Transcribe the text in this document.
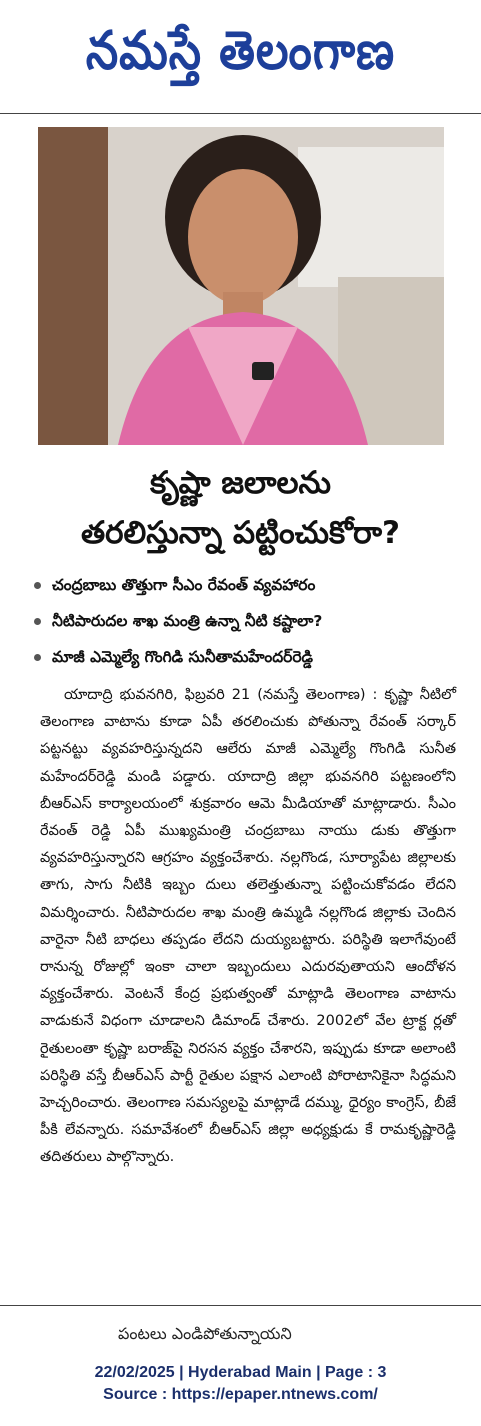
నమస్తే తెలంగాణ
కృష్ణా జలాలను
తరలిస్తున్నా పట్టించుకోరా?
చంద్రబాబు తొత్తుగా సీఎం రేవంత్ వ్యవహారం
నీటిపారుదల శాఖ మంత్రి ఉన్నా నీటి కష్టాలా?
మాజీ ఎమ్మెల్యే గొంగిడి సునీతామహేందర్‌రెడ్డి

యాదాద్రి భువనగిరి, ఫిబ్రవరి 21 (నమస్తే తెలంగాణ) : కృష్ణా నీటిలో తెలంగాణ వాటాను కూడా ఏపీ తరలించుకు పోతున్నా రేవంత్ సర్కార్ పట్టనట్టు వ్యవహరిస్తున్నదని ఆలేరు మాజీ ఎమ్మెల్యే గొంగిడి సునీత మహేందర్‌రెడ్డి మండి పడ్డారు. యాదాద్రి జిల్లా భువనగిరి పట్టణంలోని బీఆర్‌ఎస్ కార్యాలయంలో శుక్రవారం ఆమె మీడియాతో మాట్లాడారు. సీఎం రేవంత్ రెడ్డి ఏపీ ముఖ్యమంత్రి చంద్రబాబు నాయు డుకు తొత్తుగా వ్యవహరిస్తున్నారని ఆగ్రహం వ్యక్తంచేశారు. నల్లగొండ, సూర్యాపేట జిల్లాలకు తాగు, సాగు నీటికి ఇబ్బం దులు తలెత్తుతున్నా పట్టించుకోవడం లేదని విమర్శించారు. నీటిపారుదల శాఖ మంత్రి ఉమ్మడి నల్లగొండ జిల్లాకు చెందిన వారైనా నీటి బాధలు తప్పడం లేదని దుయ్యబట్టారు. పరిస్థితి ఇలాగేవుంటే రానున్న రోజుల్లో ఇంకా చాలా ఇబ్బందులు ఎదురవుతాయని ఆందోళన వ్యక్తంచేశారు. వెంటనే కేంద్ర ప్రభుత్వంతో మాట్లాడి తెలంగాణ వాటాను వాడుకునే విధంగా చూడాలని డిమాండ్ చేశారు. 2002లో వేల ట్రాక్ట ర్లతో రైతులంతా కృష్ణా బరాజ్‌పై నిరసన వ్యక్తం చేశారని, ఇప్పుడు కూడా అలాంటి పరిస్థితి వస్తే బీఆర్‌ఎస్ పార్టీ రైతుల పక్షాన ఎలాంటి పోరాటానికైనా సిద్ధమని హెచ్చరించారు. తెలంగాణ సమస్యలపై మాట్లాడే దమ్ము, ధైర్యం కాంగ్రెస్, బీజే పీకి లేవన్నారు. సమావేశంలో బీఆర్‌ఎస్ జిల్లా అధ్యక్షుడు కే రామకృష్ణారెడ్డి తదితరులు పాల్గొన్నారు.

పంటలు ఎండిపోతున్నాయని
22/02/2025 | Hyderabad Main | Page : 3
Source : https://epaper.ntnews.com/
